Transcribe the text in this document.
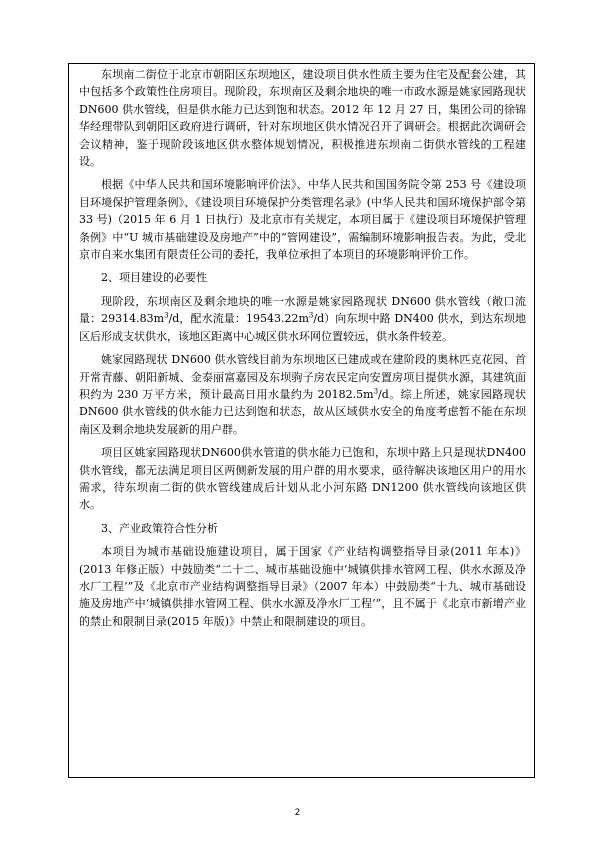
东坝南二街位于北京市朝阳区东坝地区，建设项目供水性质主要为住宅及配套公建，其中包括多个政策性住房项目。现阶段，东坝南区及剩余地块的唯一市政水源是姚家园路现状 DN600 供水管线，但是供水能力已达到饱和状态。2012 年 12 月 27 日，集团公司的徐锦华经理带队到朝阳区政府进行调研，针对东坝地区供水情况召开了调研会。根据此次调研会会议精神，鉴于现阶段该地区供水整体规划情况，积极推进东坝南二街供水管线的工程建设。

根据《中华人民共和国环境影响评价法》、中华人民共和国国务院令第 253 号《建设项目环境保护管理条例》、《建设项目环境保护分类管理名录》(中华人民共和国环境保护部令第 33 号)（2015 年 6 月 1 日执行）及北京市有关规定，本项目属于《建设项目环境保护管理条例》中“U 城市基础建设及房地产”中的“管网建设”，需编制环境影响报告表。为此，受北京市自来水集团有限责任公司的委托，我单位承担了本项目的环境影响评价工作。

2、项目建设的必要性

现阶段，东坝南区及剩余地块的唯一水源是姚家园路现状 DN600 供水管线（敞口流量：$29314.83m^3/d$，配水流量：$19543.22m^3/d$）向东坝中路 DN400 供水，到达东坝地区后形成支状供水，该地区距离中心城区供水环网位置较远，供水条件较差。

姚家园路现状 DN600 供水管线目前为东坝地区已建成或在建阶段的奥林匹克花园、首开常青藤、朝阳新城、金泰丽富嘉园及东坝驹子房农民定向安置房项目提供水源，其建筑面积约为 230 万平方米，预计最高日用水量约为 $20182.5m^3/d$。综上所述，姚家园路现状 DN600 供水管线的供水能力已达到饱和状态，故从区域供水安全的角度考虑暂不能在东坝南区及剩余地块发展新的用户群。

项目区姚家园路现状DN600供水管道的供水能力已饱和，东坝中路上只是现状DN400供水管线，都无法满足项目区两侧新发展的用户群的用水要求，亟待解决该地区用户的用水需求，待东坝南二街的供水管线建成后计划从北小河东路 DN1200 供水管线向该地区供水。

3、产业政策符合性分析

本项目为城市基础设施建设项目，属于国家《产业结构调整指导目录(2011 年本)》(2013 年修正版）中鼓励类“二十二、城市基础设施中‘城镇供排水管网工程、供水水源及净水厂工程’”及《北京市产业结构调整指导目录》（2007 年本）中鼓励类“十九、城市基础设施及房地产中‘城镇供排水管网工程、供水水源及净水厂工程’”，且不属于《北京市新增产业的禁止和限制目录(2015 年版)》中禁止和限制建设的项目。

2
